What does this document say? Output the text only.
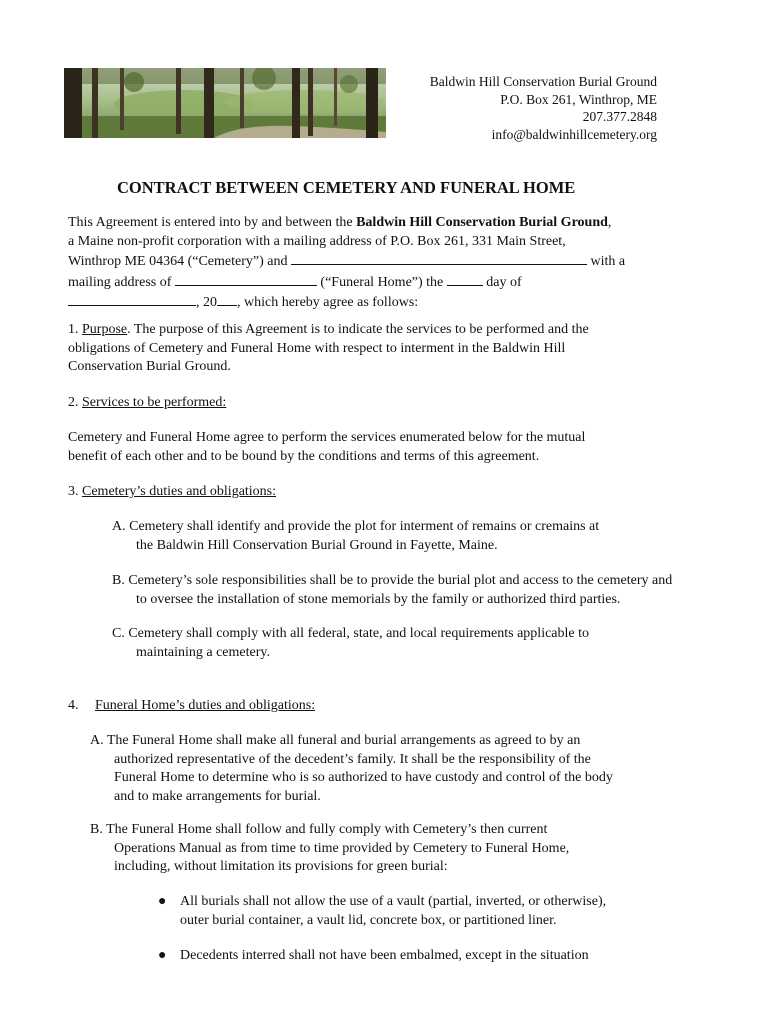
Baldwin Hill Conservation Burial Ground
P.O. Box 261, Winthrop, ME
207.377.2848
info@baldwinhillcemetery.org
CONTRACT BETWEEN CEMETERY AND FUNERAL HOME
This Agreement is entered into by and between the Baldwin Hill Conservation Burial Ground,
a Maine non-profit corporation with a mailing address of P.O. Box 261, 331 Main Street,
Winthrop ME 04364 (“Cemetery”) and	with a
mailing address of	(“Funeral Home”) the	day of
, 20 , which hereby agree as follows:
1. Purpose. The purpose of this Agreement is to indicate the services to be performed and the
obligations of Cemetery and Funeral Home with respect to interment in the Baldwin Hill
Conservation Burial Ground.
2. Services to be performed:
Cemetery and Funeral Home agree to perform the services enumerated below for the mutual
benefit of each other and to be bound by the conditions and terms of this agreement.
3. Cemetery’s duties and obligations:
A. Cemetery shall identify and provide the plot for interment of remains or cremains at
the Baldwin Hill Conservation Burial Ground in Fayette, Maine.
B. Cemetery’s sole responsibilities shall be to provide the burial plot and access to the cemetery and
to oversee the installation of stone memorials by the family or authorized third parties.
C. Cemetery shall comply with all federal, state, and local requirements applicable to
maintaining a cemetery.
4. Funeral Home’s duties and obligations:
A. The Funeral Home shall make all funeral and burial arrangements as agreed to by an
authorized representative of the decedent’s family. It shall be the responsibility of the
Funeral Home to determine who is so authorized to have custody and control of the body
and to make arrangements for burial.
B. The Funeral Home shall follow and fully comply with Cemetery’s then current
Operations Manual as from time to time provided by Cemetery to Funeral Home,
including, without limitation its provisions for green burial:
● All burials shall not allow the use of a vault (partial, inverted, or otherwise),
outer burial container, a vault lid, concrete box, or partitioned liner.
● Decedents interred shall not have been embalmed, except in the situation
